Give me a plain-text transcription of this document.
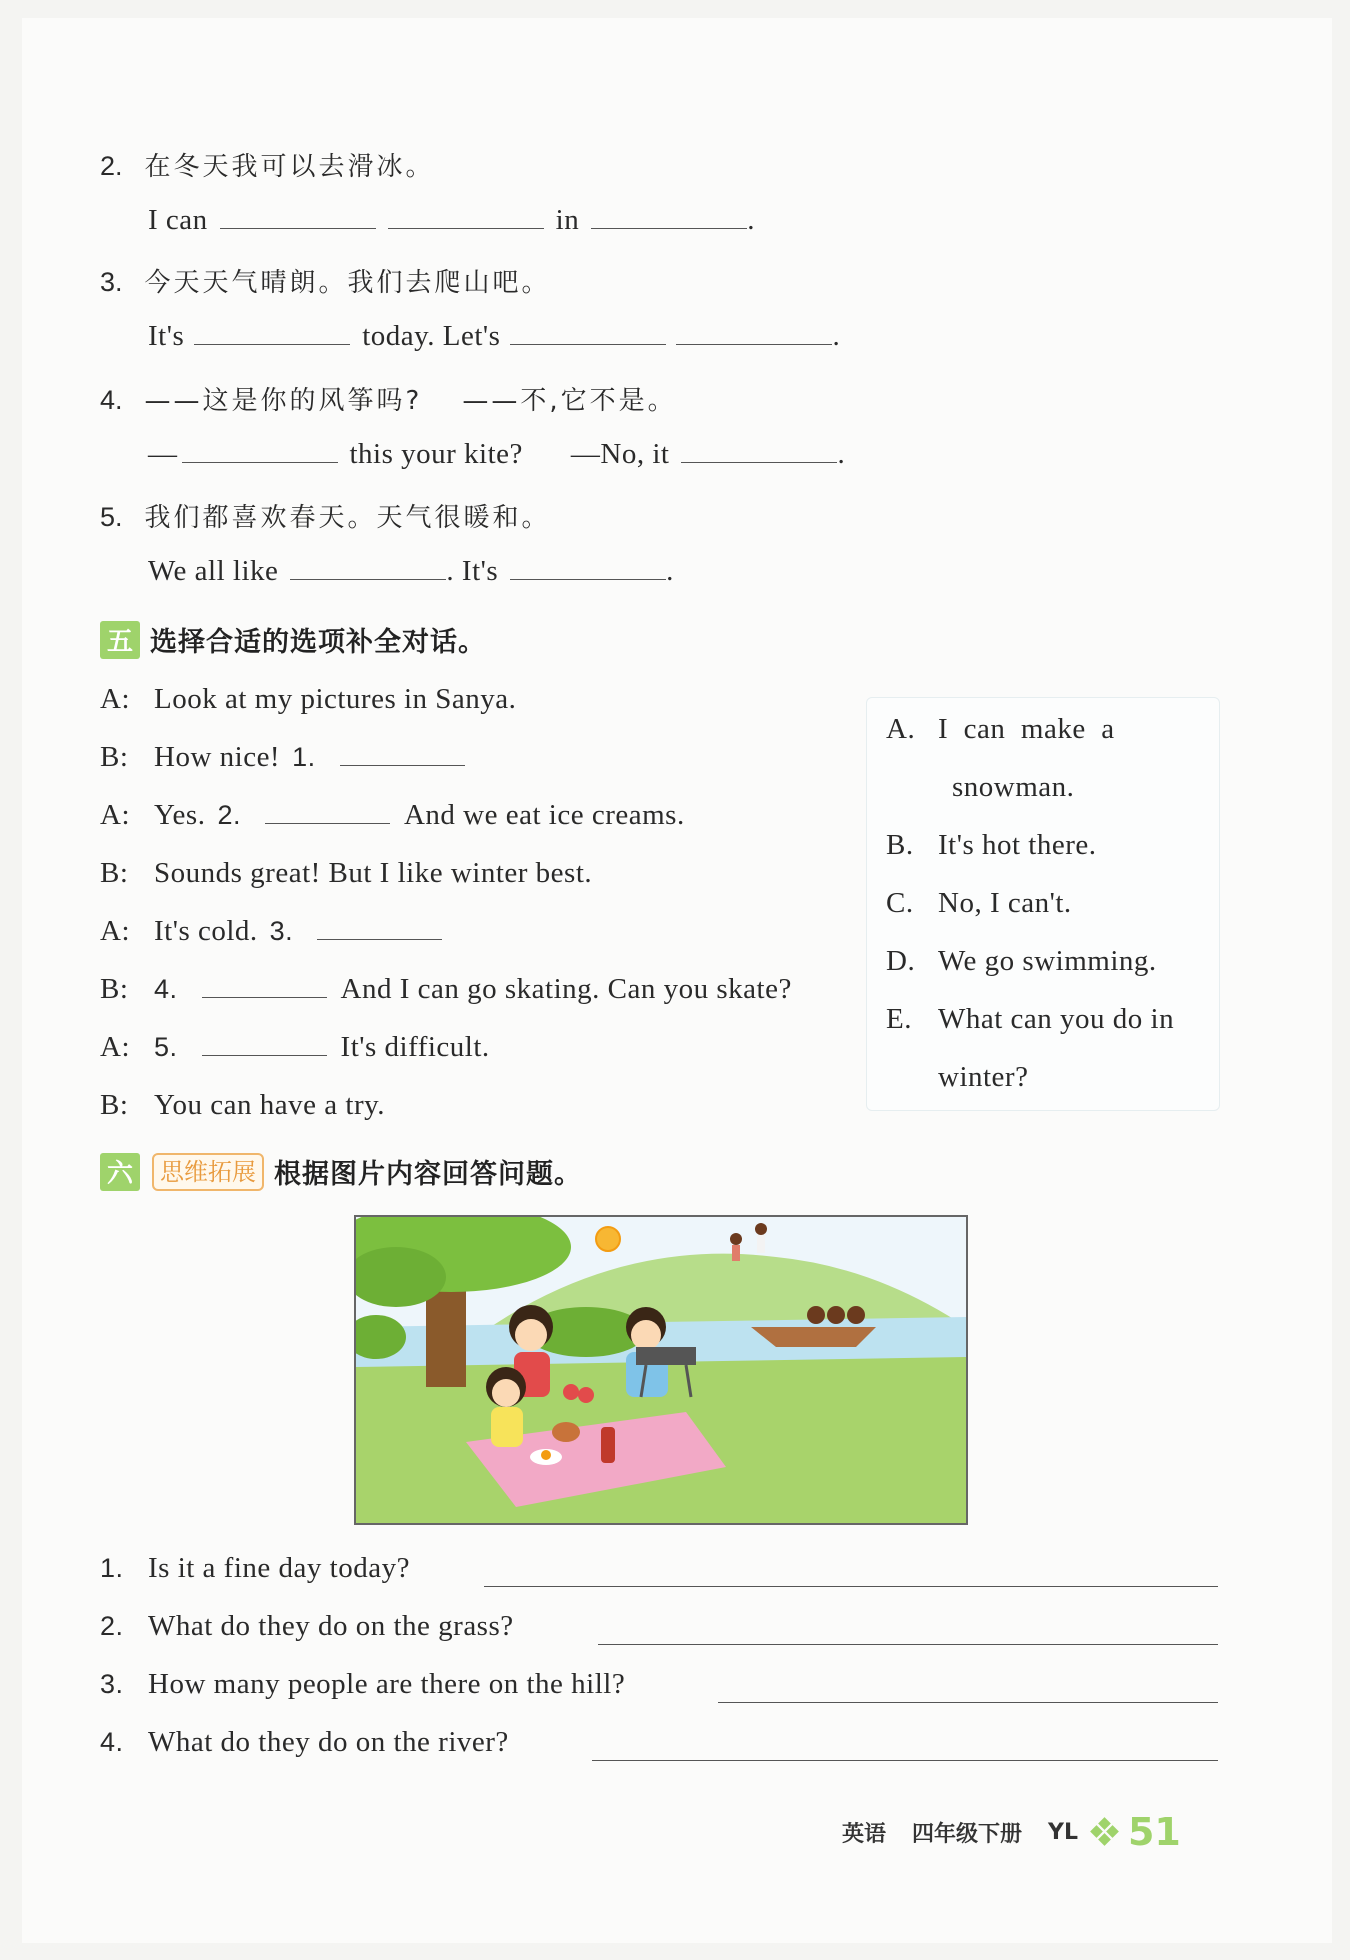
2. 在冬天我可以去滑冰。
I can	in	.
3. 今天天气晴朗。我们去爬山吧。
It's	today. Let's	.
4. ——这是你的风筝吗? ——不,它不是。
—	this your kite? —No, it	.
5. 我们都喜欢春天。天气很暖和。
We all like	. It's	.
五 选择合适的选项补全对话。
A: Look at my pictures in Sanya.
B: How nice! 1.
A: Yes. 2.	And we eat ice creams.
B: Sounds great! But I like winter best.
A: It's cold. 3.
B: 4.	And I can go skating. Can you skate?
A: 5.	It's difficult.
B: You can have a try.
A. I  can  make  a
snowman.
B. It's hot there.
C. No, I can't.
D. We go swimming.
E. What can you do in
winter?
六	思维拓展 根据图片内容回答问题。
1. Is it a fine day today?
2. What do they do on the grass?
3. How many people are there on the hill?
4. What do they do on the river?
英语 四年级下册 YL 51
